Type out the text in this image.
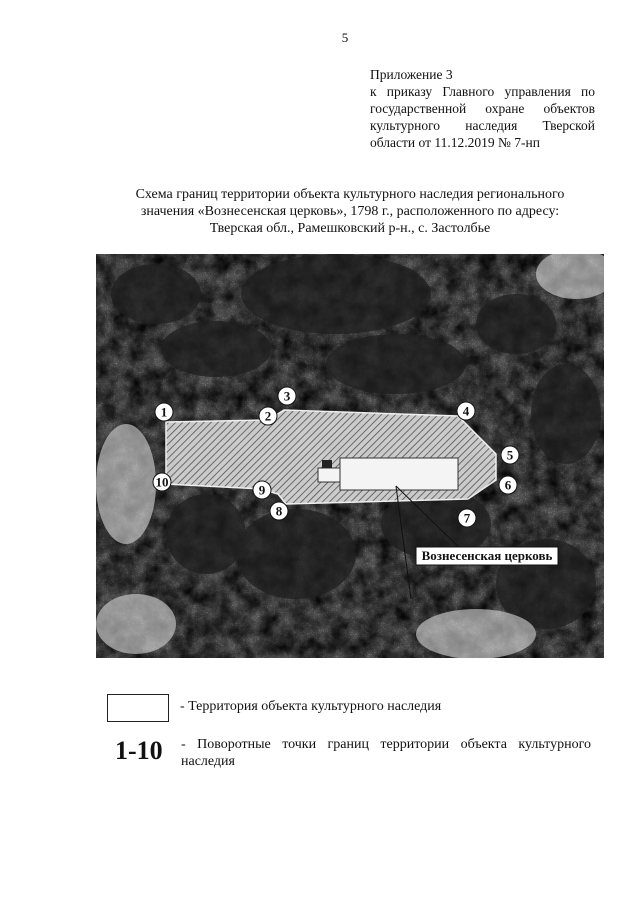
5
Приложение 3
к приказу Главного управления по
государственной охране объектов
культурного наследия Тверской
области от 11.12.2019 № 7-нп
Схема границ территории объекта культурного наследия регионального
значения «Вознесенская церковь», 1798 г., расположенного по адресу:
Тверская обл., Рамешковский р-н., с. Застолбье
Вознесенская церковь
1	2
3
4
5
6
7
8
9
10
- Территория объекта культурного наследия
1-10 - Поворотные точки границ территории объекта культурного наследия
